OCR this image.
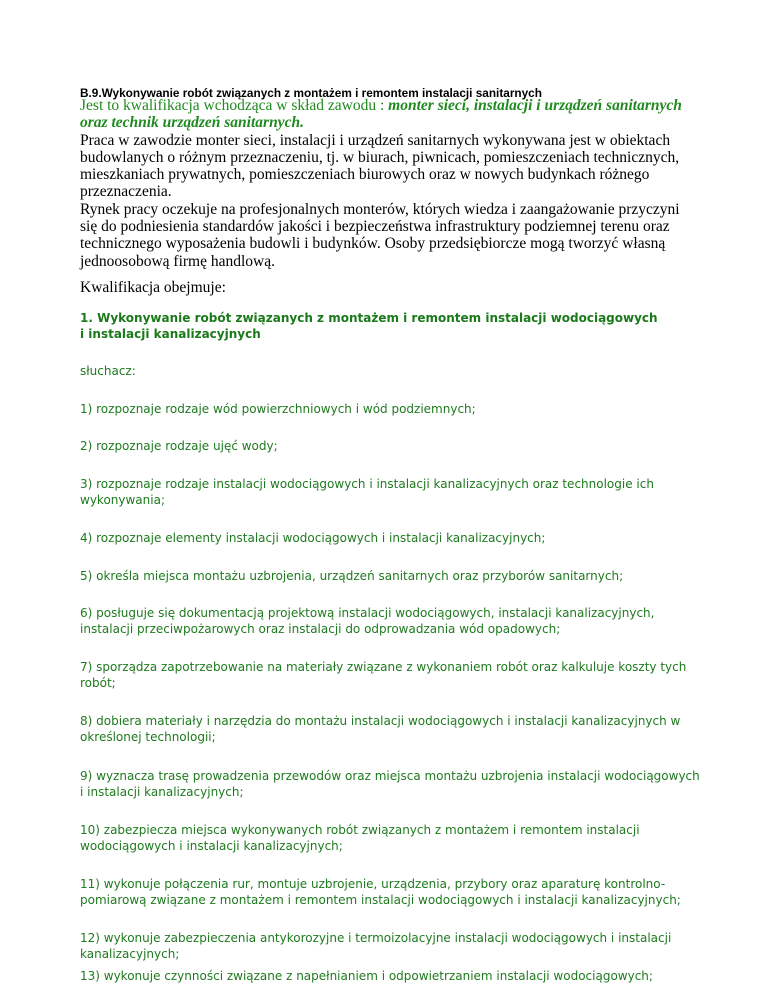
B.9.Wykonywanie robót związanych z montażem i remontem instalacji sanitarnych

Jest to kwalifikacja wchodząca w skład zawodu : monter sieci, instalacji i urządzeń sanitarnych oraz technik urządzeń sanitarnych.

Praca w zawodzie monter sieci, instalacji i urządzeń sanitarnych wykonywana jest w obiektach budowlanych o różnym przeznaczeniu, tj. w biurach, piwnicach, pomieszczeniach technicznych, mieszkaniach prywatnych, pomieszczeniach biurowych oraz w nowych budynkach różnego przeznaczenia.

Rynek pracy oczekuje na profesjonalnych monterów, których wiedza i zaangażowanie przyczyni się do podniesienia standardów jakości i bezpieczeństwa infrastruktury podziemnej terenu oraz technicznego wyposażenia budowli i budynków. Osoby przedsiębiorcze mogą tworzyć własną jednoosobową firmę handlową.

Kwalifikacja obejmuje:

1. Wykonywanie robót związanych z montażem i remontem instalacji wodociągowych
i instalacji kanalizacyjnych

słuchacz:

1) rozpoznaje rodzaje wód powierzchniowych i wód podziemnych;

2) rozpoznaje rodzaje ujęć wody;

3) rozpoznaje rodzaje instalacji wodociągowych i instalacji kanalizacyjnych oraz technologie ich wykonywania;

4) rozpoznaje elementy instalacji wodociągowych i instalacji kanalizacyjnych;

5) określa miejsca montażu uzbrojenia, urządzeń sanitarnych oraz przyborów sanitarnych;

6) posługuje się dokumentacją projektową instalacji wodociągowych, instalacji kanalizacyjnych, instalacji przeciwpożarowych oraz instalacji do odprowadzania wód opadowych;

7) sporządza zapotrzebowanie na materiały związane z wykonaniem robót oraz kalkuluje koszty tych robót;

8) dobiera materiały i narzędzia do montażu instalacji wodociągowych i instalacji kanalizacyjnych w określonej technologii;

9) wyznacza trasę prowadzenia przewodów oraz miejsca montażu uzbrojenia instalacji wodociągowych i instalacji kanalizacyjnych;

10) zabezpiecza miejsca wykonywanych robót związanych z montażem i remontem instalacji wodociągowych i instalacji kanalizacyjnych;

11) wykonuje połączenia rur, montuje uzbrojenie, urządzenia, przybory oraz aparaturę kontrolno-pomiarową związane z montażem i remontem instalacji wodociągowych i instalacji kanalizacyjnych;

12) wykonuje zabezpieczenia antykorozyjne i termoizolacyjne instalacji wodociągowych i instalacji kanalizacyjnych;

13) wykonuje czynności związane z napełnianiem i odpowietrzaniem instalacji wodociągowych;
